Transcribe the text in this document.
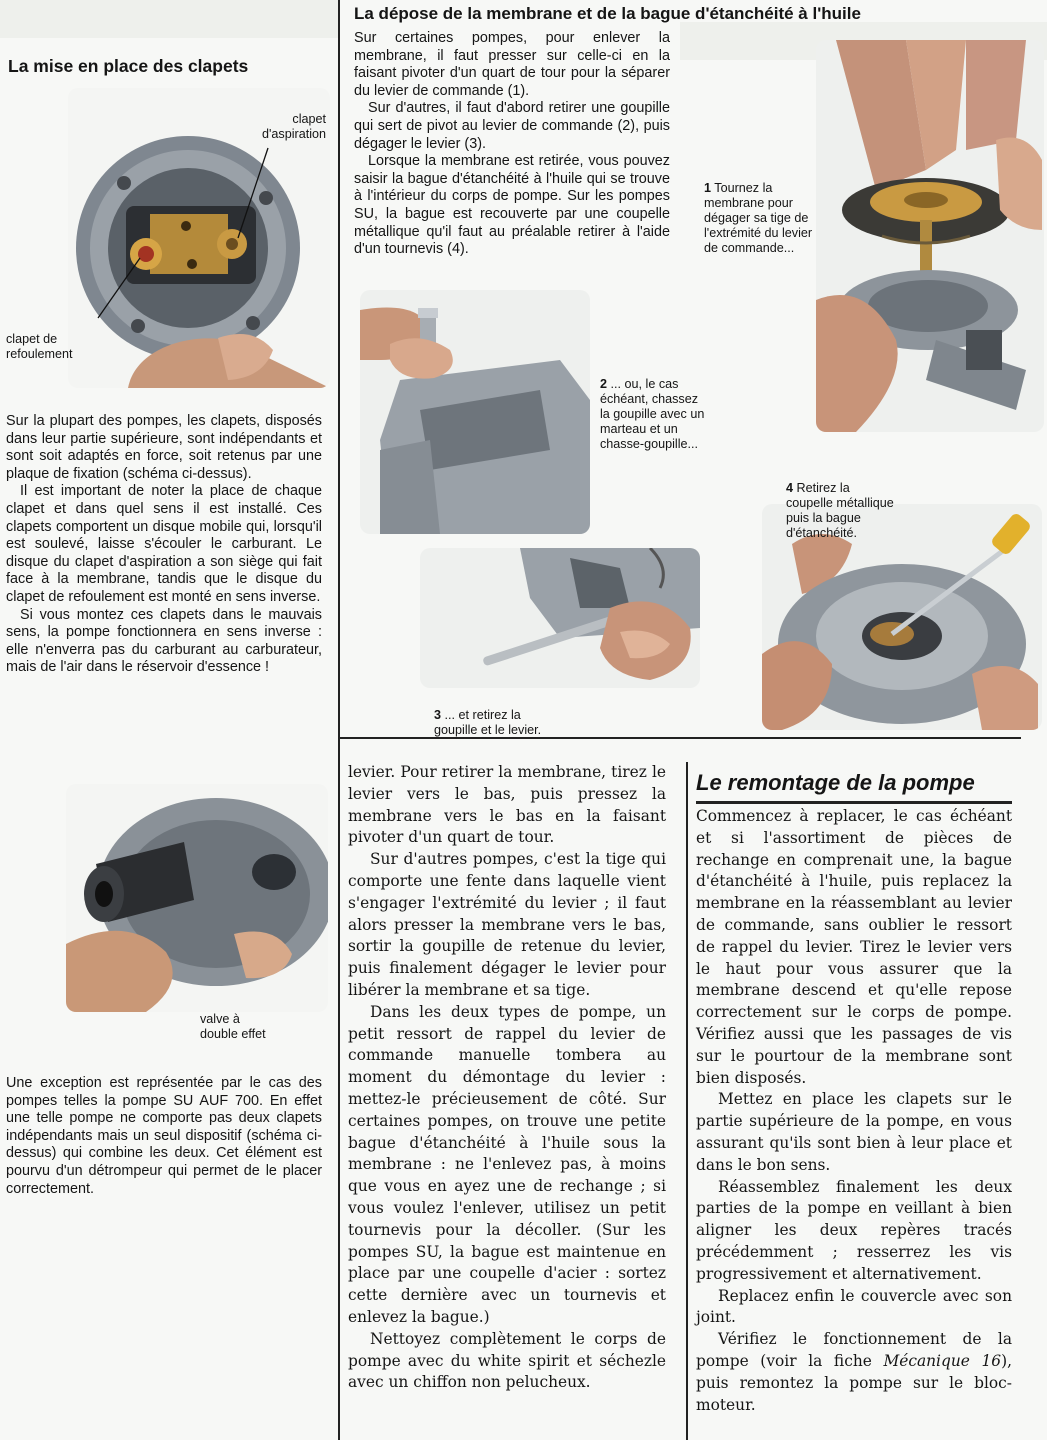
La mise en place des clapets
clapet
d'aspiration
clapet de
refoulement

Sur la plupart des pompes, les clapets, disposés dans leur partie supérieure, sont indépendants et sont soit adaptés en force, soit retenus par une plaque de fixation (schéma ci-dessus).

Il est important de noter la place de chaque clapet et dans quel sens il est installé. Ces clapets comportent un disque mobile qui, lorsqu'il est soulevé, laisse s'écouler le carburant. Le disque du clapet d'aspiration a son siège qui fait face à la membrane, tandis que le disque du clapet de refoulement est monté en sens inverse.

Si vous montez ces clapets dans le mauvais sens, la pompe fonctionnera en sens inverse : elle n'enverra pas du carburant au carburateur, mais de l'air dans le réservoir d'essence !

valve à
double effet

Une exception est représentée par le cas des pompes telles la pompe SU AUF 700. En effet une telle pompe ne comporte pas deux clapets indépendants mais un seul dispositif (schéma ci-dessus) qui combine les deux. Cet élément est pourvu d'un détrompeur qui permet de le placer correctement.

La dépose de la membrane et de la bague d'étanchéité à l'huile

Sur certaines pompes, pour enlever la membrane, il faut presser sur celle-ci en la faisant pivoter d'un quart de tour pour la séparer du levier de commande (1).

Sur d'autres, il faut d'abord retirer une goupille qui sert de pivot au levier de commande (2), puis dégager le levier (3).

Lorsque la membrane est retirée, vous pouvez saisir la bague d'étanchéité à l'huile qui se trouve à l'intérieur du corps de pompe. Sur les pompes SU, la bague est recouverte par une coupelle métallique qu'il faut au préalable retirer à l'aide d'un tournevis (4).

1 Tournez la
membrane pour
dégager sa tige de
l'extrémité du levier
de commande...

2 ... ou, le cas
échéant, chassez
la goupille avec un
marteau et un
chasse-goupille...

3 ... et retirez la
goupille et le levier.

4 Retirez la
coupelle métallique
puis la bague
d'étanchéité.

levier. Pour retirer la membrane, tirez le levier vers le bas, puis pressez la membrane vers le bas en la faisant pivoter d'un quart de tour.

Sur d'autres pompes, c'est la tige qui comporte une fente dans laquelle vient s'engager l'extrémité du levier ; il faut alors presser la membrane vers le bas, sortir la goupille de retenue du levier, puis finalement dégager le levier pour libérer la membrane et sa tige.

Dans les deux types de pompe, un petit ressort de rappel du levier de commande manuelle tombera au moment du démontage du levier : mettez-le précieusement de côté. Sur certaines pompes, on trouve une petite bague d'étanchéité à l'huile sous la membrane : ne l'enlevez pas, à moins que vous en ayez une de rechange ; si vous voulez l'enlever, utilisez un petit tournevis pour la décoller. (Sur les pompes SU, la bague est maintenue en place par une coupelle d'acier : sortez cette dernière avec un tournevis et enlevez la bague.)

Nettoyez complètement le corps de pompe avec du white spirit et séchezle avec un chiffon non pelucheux.

Le remontage de la pompe

Commencez à replacer, le cas échéant et si l'assortiment de pièces de rechange en comprenait une, la bague d'étanchéité à l'huile, puis replacez la membrane en la réassemblant au levier de commande, sans oublier le ressort de rappel du levier. Tirez le levier vers le haut pour vous assurer que la membrane descend et qu'elle repose correctement sur le corps de pompe. Vérifiez aussi que les passages de vis sur le pourtour de la membrane sont bien disposés.

Mettez en place les clapets sur le partie supérieure de la pompe, en vous assurant qu'ils sont bien à leur place et dans le bon sens.

Réassemblez finalement les deux parties de la pompe en veillant à bien aligner les deux repères tracés précédemment ; resserrez les vis progressivement et alternativement.

Replacez enfin le couvercle avec son joint.

Vérifiez le fonctionnement de la pompe (voir la fiche Mécanique 16), puis remontez la pompe sur le bloc-moteur.
